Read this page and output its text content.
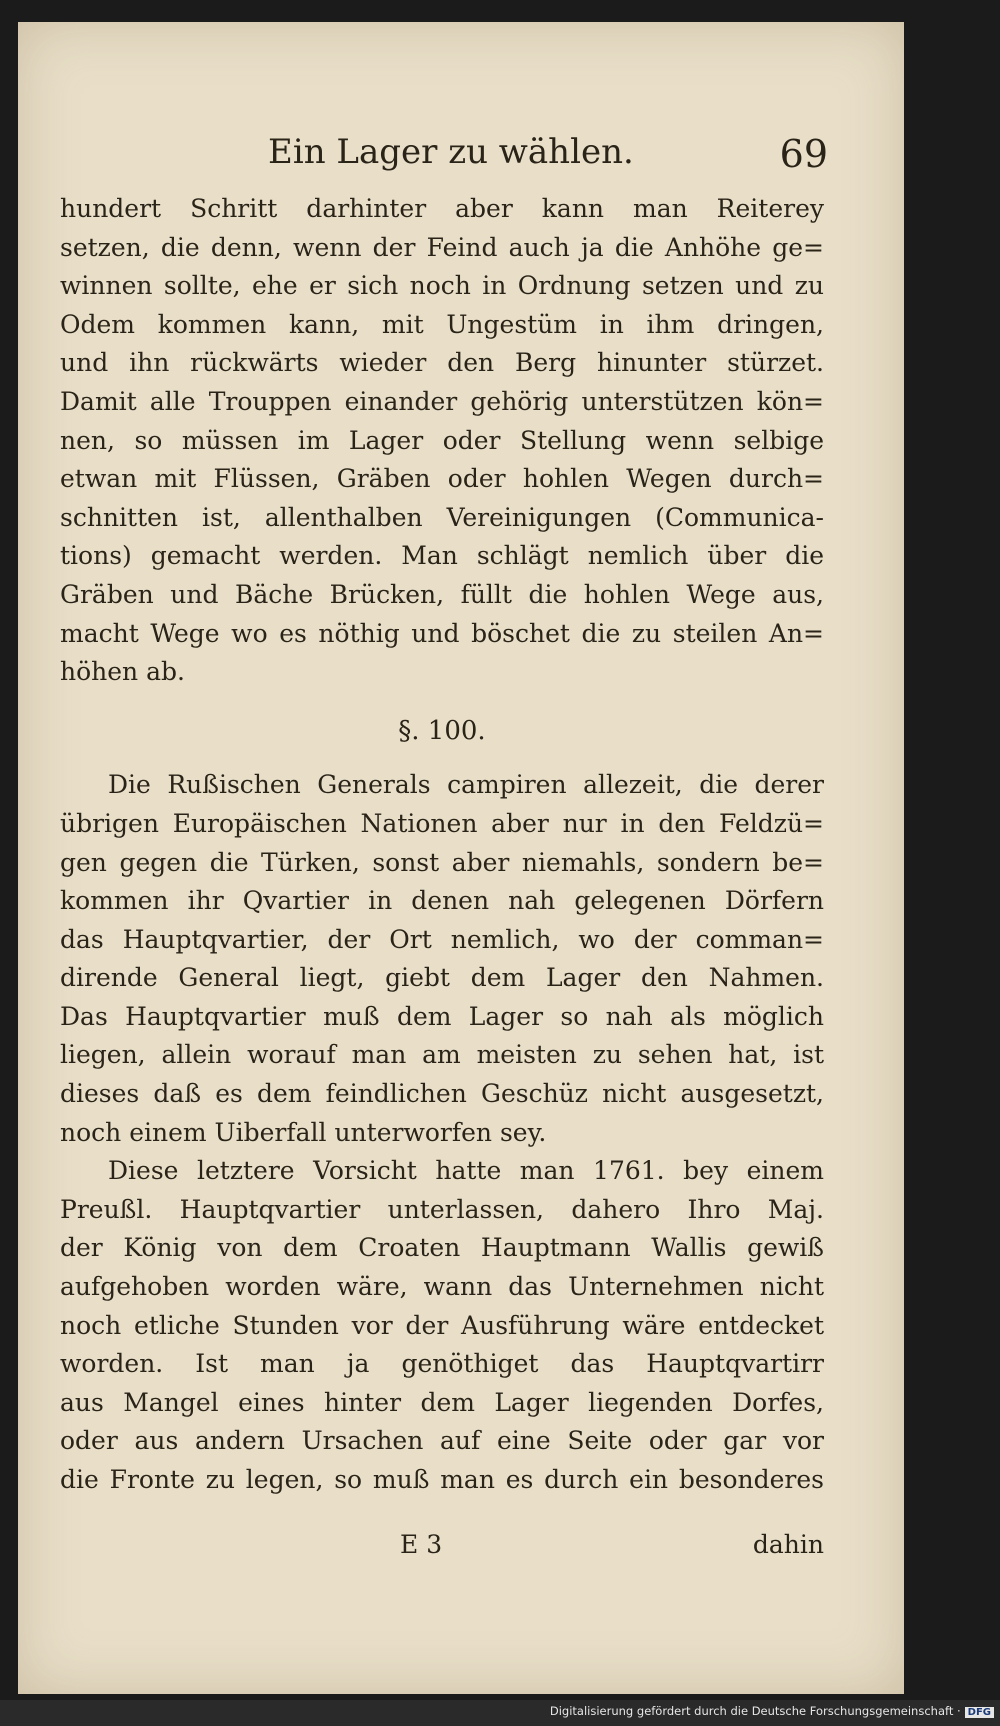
Ein Lager zu wählen.	69
hundert Schritt darhinter aber kann man Reiterey
setzen, die denn, wenn der Feind auch ja die Anhöhe ge=
winnen sollte, ehe er sich noch in Ordnung setzen und zu
Odem kommen kann, mit Ungestüm in ihm dringen,
und ihn rückwärts wieder den Berg hinunter stürzet.
Damit alle Trouppen einander gehörig unterstützen kön=
nen, so müssen im Lager oder Stellung wenn selbige
etwan mit Flüssen, Gräben oder hohlen Wegen durch=
schnitten ist, allenthalben Vereinigungen (Communica-
tions) gemacht werden. Man schlägt nemlich über die
Gräben und Bäche Brücken, füllt die hohlen Wege aus,
macht Wege wo es nöthig und böschet die zu steilen An=
höhen ab.
§. 100.
Die Rußischen Generals campiren allezeit, die derer
übrigen Europäischen Nationen aber nur in den Feldzü=
gen gegen die Türken, sonst aber niemahls, sondern be=
kommen ihr Qvartier in denen nah gelegenen Dörfern
das Hauptqvartier, der Ort nemlich, wo der comman=
dirende General liegt, giebt dem Lager den Nahmen.
Das Hauptqvartier muß dem Lager so nah als möglich
liegen, allein worauf man am meisten zu sehen hat, ist
dieses daß es dem feindlichen Geschüz nicht ausgesetzt,
noch einem Uiberfall unterworfen sey.
Diese letztere Vorsicht hatte man 1761. bey einem
Preußl. Hauptqvartier unterlassen, dahero Ihro Maj.
der König von dem Croaten Hauptmann Wallis gewiß
aufgehoben worden wäre, wann das Unternehmen nicht
noch etliche Stunden vor der Ausführung wäre entdecket
worden. Ist man ja genöthiget das Hauptqvartirr
aus Mangel eines hinter dem Lager liegenden Dorfes,
oder aus andern Ursachen auf eine Seite oder gar vor
die Fronte zu legen, so muß man es durch ein besonderes
E 3	dahin
Digitalisierung gefördert durch die Deutsche Forschungsgemeinschaft · DFG
